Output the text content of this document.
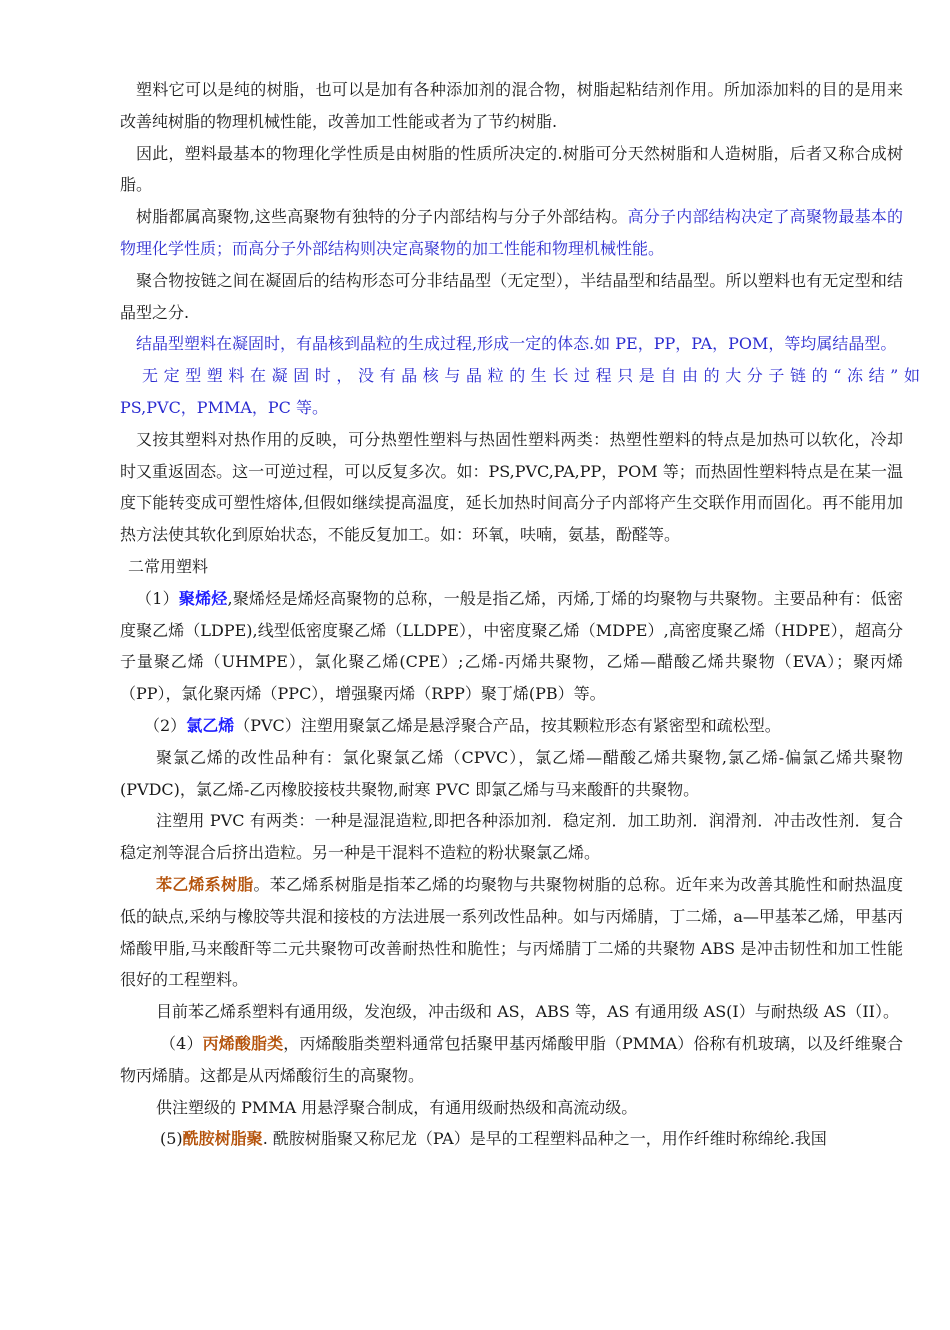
塑料它可以是纯的树脂，也可以是加有各种添加剂的混合物，树脂起粘结剂作用。所加添加料的目的是用来改善纯树脂的物理机械性能，改善加工性能或者为了节约树脂.

因此，塑料最基本的物理化学性质是由树脂的性质所决定的.树脂可分天然树脂和人造树脂，后者又称合成树脂。

树脂都属高聚物,这些高聚物有独特的分子内部结构与分子外部结构。高分子内部结构决定了高聚物最基本的物理化学性质；而高分子外部结构则决定高聚物的加工性能和物理机械性能。

聚合物按链之间在凝固后的结构形态可分非结晶型（无定型），半结晶型和结晶型。所以塑料也有无定型和结晶型之分.

结晶型塑料在凝固时，有晶核到晶粒的生成过程,形成一定的体态.如 PE，PP，PA，POM，等均属结晶型。

无定型塑料在凝固时，没有晶核与晶粒的生长过程只是自由的大分子链的“冻结”如
PS,PVC，PMMA，PC 等。

又按其塑料对热作用的反映，可分热塑性塑料与热固性塑料两类：热塑性塑料的特点是加热可以软化，冷却时又重返固态。这一可逆过程，可以反复多次。如：PS,PVC,PA,PP，POM 等；而热固性塑料特点是在某一温度下能转变成可塑性熔体,但假如继续提高温度，延长加热时间高分子内部将产生交联作用而固化。再不能用加热方法使其软化到原始状态，不能反复加工。如：环氧，呋喃，氨基，酚醛等。

二常用塑料

（1）聚烯烃,聚烯烃是烯烃高聚物的总称，一般是指乙烯，丙烯,丁烯的均聚物与共聚物。主要品种有：低密度聚乙烯（LDPE),线型低密度聚乙烯（LLDPE），中密度聚乙烯（MDPE）,高密度聚乙烯（HDPE），超高分子量聚乙烯（UHMPE），氯化聚乙烯(CPE）;乙烯-丙烯共聚物，乙烯—醋酸乙烯共聚物（EVA）；聚丙烯（PP），氯化聚丙烯（PPC），增强聚丙烯（RPP）聚丁烯(PB）等。

（2）氯乙烯（PVC）注塑用聚氯乙烯是悬浮聚合产品，按其颗粒形态有紧密型和疏松型。

聚氯乙烯的改性品种有：氯化聚氯乙烯（CPVC），氯乙烯—醋酸乙烯共聚物,氯乙烯-偏氯乙烯共聚物(PVDC)，氯乙烯-乙丙橡胶接枝共聚物,耐寒 PVC 即氯乙烯与马来酸酐的共聚物。

注塑用 PVC 有两类：一种是湿混造粒,即把各种添加剂．稳定剂．加工助剂．润滑剂．冲击改性剂．复合稳定剂等混合后挤出造粒。另一种是干混料不造粒的粉状聚氯乙烯。

苯乙烯系树脂。苯乙烯系树脂是指苯乙烯的均聚物与共聚物树脂的总称。近年来为改善其脆性和耐热温度低的缺点,采纳与橡胶等共混和接枝的方法进展一系列改性品种。如与丙烯腈，丁二烯，a—甲基苯乙烯，甲基丙烯酸甲脂,马来酸酐等二元共聚物可改善耐热性和脆性；与丙烯腈丁二烯的共聚物 ABS 是冲击韧性和加工性能很好的工程塑料。

目前苯乙烯系塑料有通用级，发泡级，冲击级和 AS，ABS 等，AS 有通用级 AS(I）与耐热级 AS（II）。

（4）丙烯酸脂类，丙烯酸脂类塑料通常包括聚甲基丙烯酸甲脂（PMMA）俗称有机玻璃，以及纤维聚合物丙烯腈。这都是从丙烯酸衍生的高聚物。

供注塑级的 PMMA 用悬浮聚合制成，有通用级耐热级和高流动级。

(5)酰胺树脂聚. 酰胺树脂聚又称尼龙（PA）是早的工程塑料品种之一，用作纤维时称绵纶.我国
